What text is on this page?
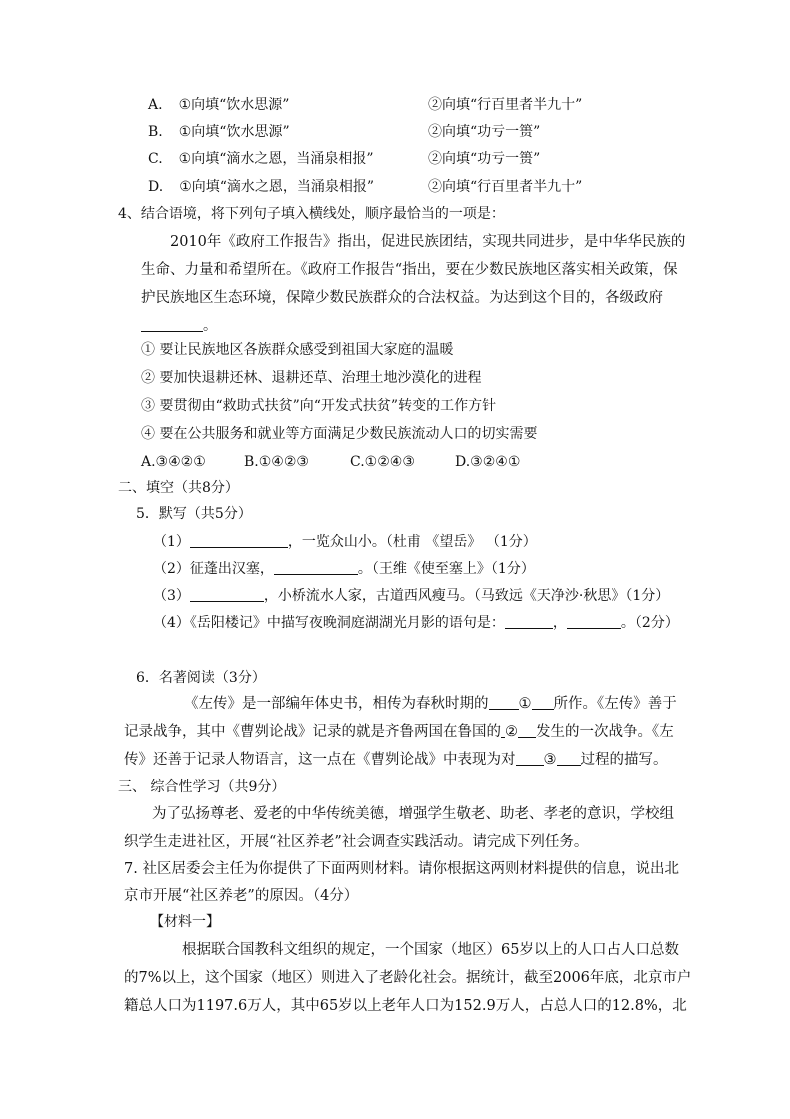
A. ①向填“饮水思源”	②向填“行百里者半九十”
B. ①向填“饮水思源”	②向填“功亏一篑”
C. ①向填“滴水之恩，当涌泉相报”	②向填“功亏一篑”
D. ①向填“滴水之恩，当涌泉相报”	②向填“行百里者半九十”
4、结合语境，将下列句子填入横线处，顺序最恰当的一项是：
2010年《政府工作报告》指出，促进民族团结，实现共同进步，是中华华民族的
生命、力量和希望所在。《政府工作报告“指出，要在少数民族地区落实相关政策，保
护民族地区生态环境，保障少数民族群众的合法权益。为达到这个目的，各级政府
。
① 要让民族地区各族群众感受到祖国大家庭的温暖
② 要加快退耕还林、退耕还草、治理土地沙漠化的进程
③ 要贯彻由“救助式扶贫”向“开发式扶贫”转变的工作方针
④ 要在公共服务和就业等方面满足少数民族流动人口的切实需要
A.③④②①	B.①④②③	C.①②④③	D.③②④①
二、填空（共8分）
5．默写（共5分）
（1）	，一览众山小。（杜甫 《望岳》 （1分）
（2）征蓬出汉塞，	。（王维《使至塞上》（1分）
（3）	，小桥流水人家，古道西风瘦马。（马致远《天净沙·秋思》（1分）
（4）《岳阳楼记》中描写夜晚洞庭湖湖光月影的语句是：	，	。（2分）
6．名著阅读（3分）
《左传》是一部编年体史书，相传为春秋时期的 ① 所作。《左传》善于
记录战争，其中《曹刿论战》记录的就是齐鲁两国在鲁国的 ② 发生的一次战争。《左
传》还善于记录人物语言，这一点在《曹刿论战》中表现为对 ③ 过程的描写。
三、 综合性学习（共9分）
为了弘扬尊老、爱老的中华传统美德，增强学生敬老、助老、孝老的意识，学校组
织学生走进社区，开展“社区养老”社会调查实践活动。请完成下列任务。
7. 社区居委会主任为你提供了下面两则材料。请你根据这两则材料提供的信息，说出北
京市开展“社区养老”的原因。（4分）
【材料一】
根据联合国教科文组织的规定，一个国家（地区）65岁以上的人口占人口总数
的7%以上，这个国家（地区）则进入了老龄化社会。据统计，截至2006年底，北京市户
籍总人口为1197.6万人，其中65岁以上老年人口为152.9万人，占总人口的12.8%，北
